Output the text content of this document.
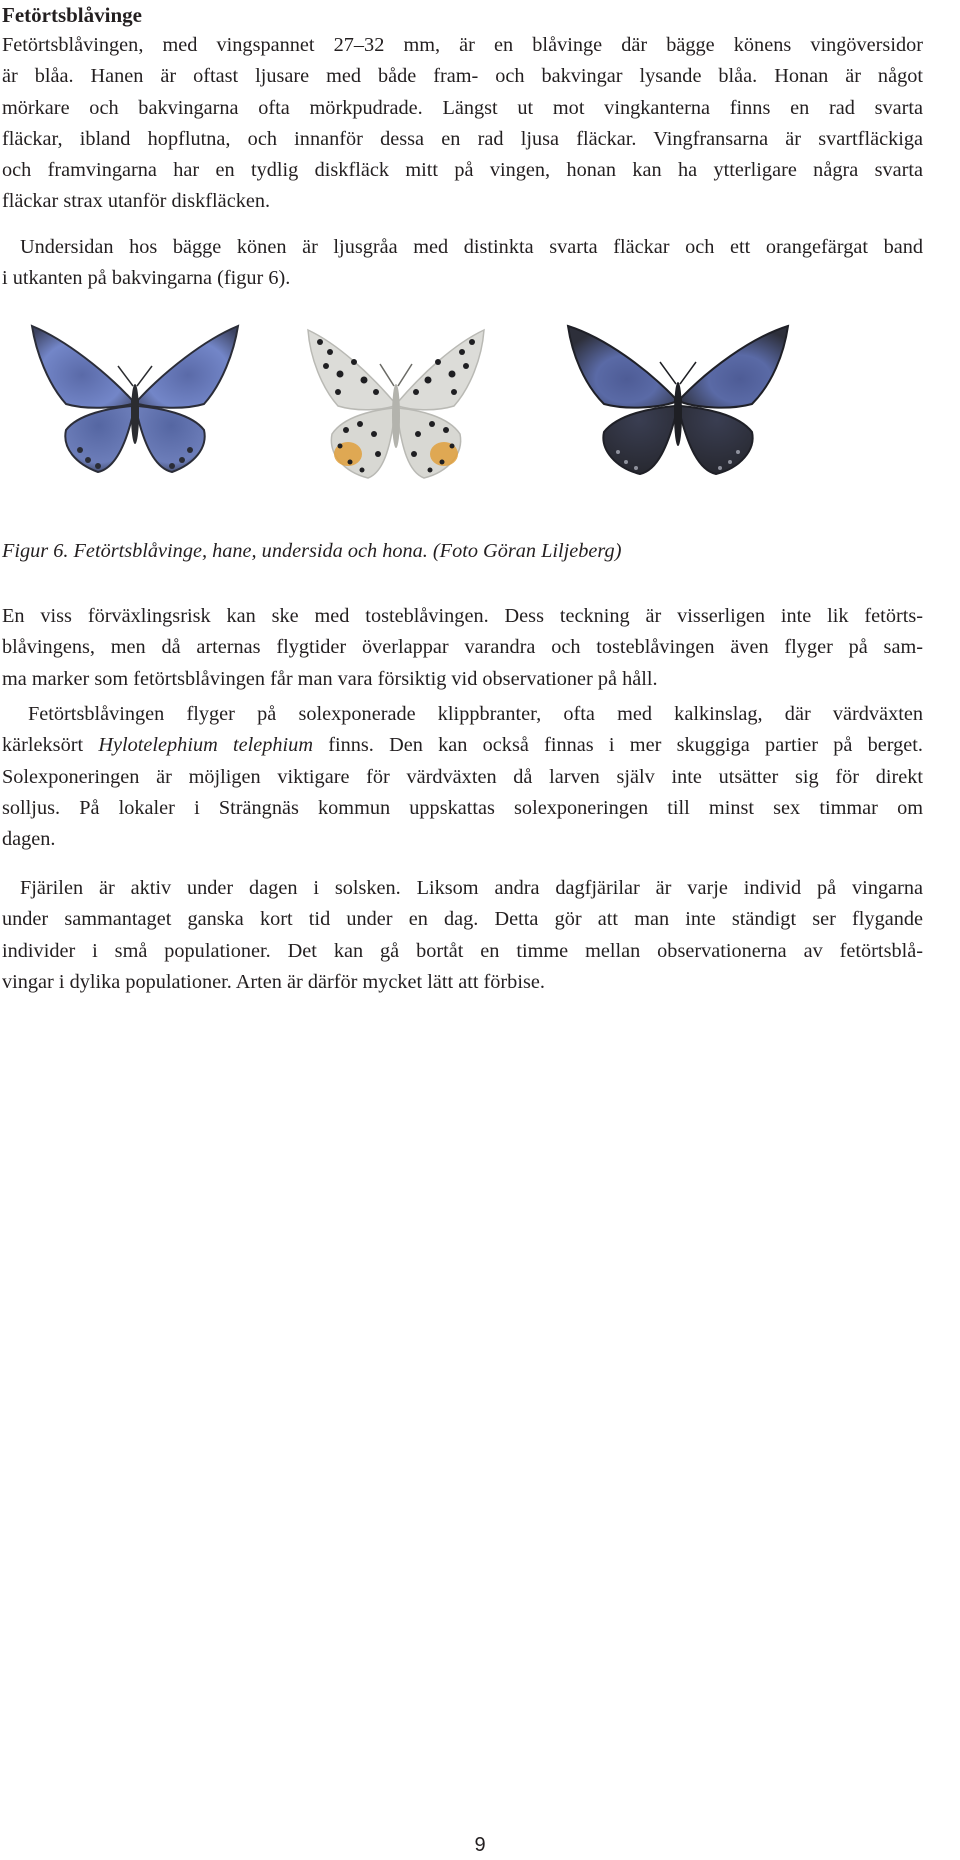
Fetörtsblåvinge

Fetörtsblåvingen, med vingspannet 27–32 mm, är en blåvinge där bägge könens vingöversidor
är blåa. Hanen är oftast ljusare med både fram- och bakvingar lysande blåa. Honan är något
mörkare och bakvingarna ofta mörkpudrade. Längst ut mot vingkanterna finns en rad svarta
fläckar, ibland hopflutna, och innanför dessa en rad ljusa fläckar. Vingfransarna är svartfläckiga
och framvingarna har en tydlig diskfläck mitt på vingen, honan kan ha ytterligare några svarta
fläckar strax utanför diskfläcken.

Undersidan hos bägge könen är ljusgråa med distinkta svarta fläckar och ett orangefärgat band
i utkanten på bakvingarna (figur 6).

Figur 6. Fetörtsblåvinge, hane, undersida och hona. (Foto Göran Liljeberg)

En viss förväxlingsrisk kan ske med tosteblåvingen. Dess teckning är visserligen inte lik fetörts-
blåvingens, men då arternas flygtider överlappar varandra och tosteblåvingen även flyger på sam-
ma marker som fetörtsblåvingen får man vara försiktig vid observationer på håll.

Fetörtsblåvingen flyger på solexponerade klippbranter, ofta med kalkinslag, där värdväxten
kärleksört Hylotelephium telephium finns. Den kan också finnas i mer skuggiga partier på berget.
Solexponeringen är möjligen viktigare för värdväxten då larven själv inte utsätter sig för direkt
solljus. På lokaler i Strängnäs kommun uppskattas solexponeringen till minst sex timmar om
dagen.

Fjärilen är aktiv under dagen i solsken. Liksom andra dagfjärilar är varje individ på vingarna
under sammantaget ganska kort tid under en dag. Detta gör att man inte ständigt ser flygande
individer i små populationer. Det kan gå bortåt en timme mellan observationerna av fetörtsblå-
vingar i dylika populationer. Arten är därför mycket lätt att förbise.

9
